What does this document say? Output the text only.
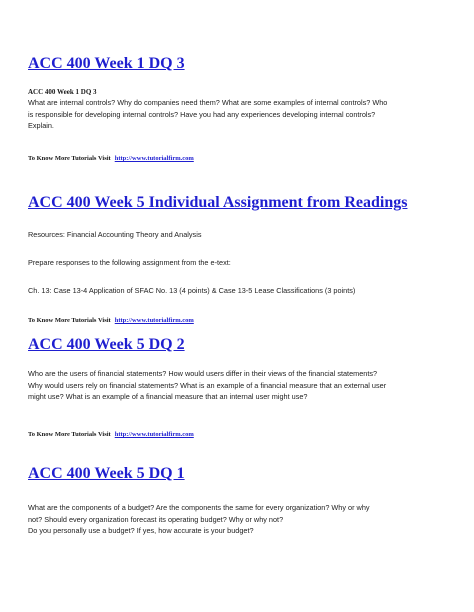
ACC 400 Week 1 DQ 3

ACC 400 Week 1 DQ 3

What are internal controls? Why do companies need them? What are some examples of internal controls? Who

is responsible for developing internal controls? Have you had any experiences developing internal controls?

Explain.

To Know More Tutorials Visit http://www.tutorialfirm.com

ACC 400 Week 5 Individual Assignment from Readings

Resources: Financial Accounting Theory and Analysis

Prepare responses to the following assignment from the e-text:

Ch. 13: Case 13-4 Application of SFAC No. 13 (4 points) & Case 13-5 Lease Classifications (3 points)

To Know More Tutorials Visit http://www.tutorialfirm.com

ACC 400 Week 5 DQ 2

Who are the users of financial statements? How would users differ in their views of the financial statements?

Why would users rely on financial statements? What is an example of a financial measure that an external user

might use? What is an example of a financial measure that an internal user might use?

To Know More Tutorials Visit http://www.tutorialfirm.com

ACC 400 Week 5 DQ 1

What are the components of a budget? Are the components the same for every organization? Why or why

not? Should every organization forecast its operating budget? Why or why not?

Do you personally use a budget? If yes, how accurate is your budget?
